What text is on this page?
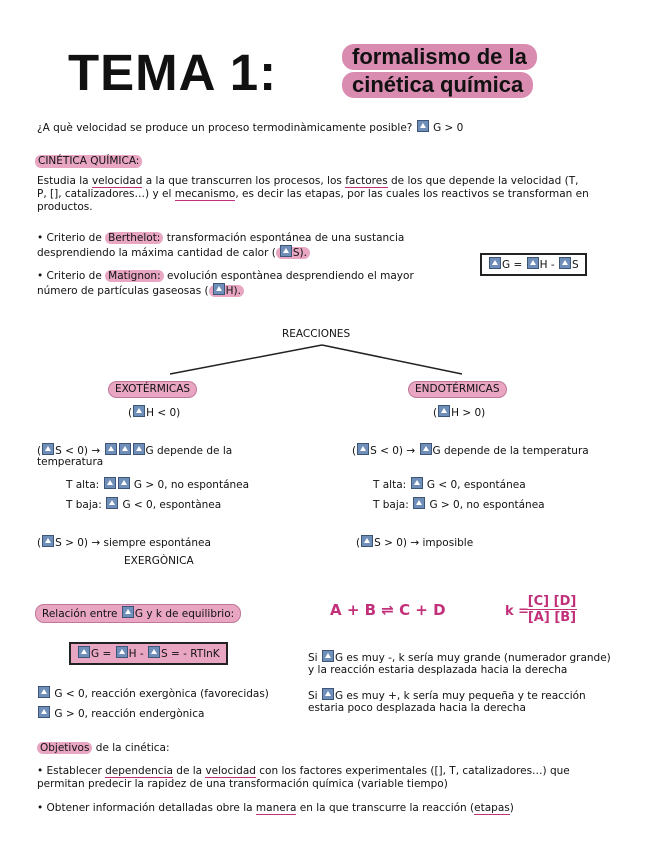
TEMA 1:	formalismo de la
cinética química
¿A què velocidad se produce un proceso termodinàmicamente posible? G > 0
CINÉTICA QUÍMICA:
Estudia la velocidad a la que transcurren los procesos, los factores de los que depende la velocidad (T,
P, [], catalizadores…) y el mecanismo, es decir las etapas, por las cuales los reactivos se transforman en
productos.
• Criterio de Berthelot: transformación espontánea de una sustancia
desprendiendo la máxima cantidad de calor ( S).
• Criterio de Matignon: evolución espontànea desprendiendo el mayor
número de partículas gaseosas ( H).
G = H - S
REACCIONES
EXOTÉRMICAS
( H < 0)
( S < 0) →	G depende de la
temperatura
T alta:	G > 0, no espontánea
T baja: G < 0, espontànea
( S > 0) → siempre espontánea
EXERGÒNICA
ENDOTÉRMICAS
( H > 0)
( S < 0) → G depende de la temperatura
T alta: G < 0, espontánea
T baja: G > 0, no espontánea
( S > 0) → imposible
Relación entre G y k de equilibrio:
G = H - S = - RTlnK
G < 0, reacción exergònica (favorecidas)
G > 0, reacción endergònica
A + B ⇌ C + D	k =
$\frac{[C] [D]}{[A] [B]}$
Si G es muy -, k sería muy grande (numerador grande)
y la reacción estaria desplazada hacia la derecha
Si G es muy +, k sería muy pequeña y te reacción
estaria poco desplazada hacia la derecha
Objetivos de la cinética:
• Establecer dependencia de la velocidad con los factores experimentales ([], T, catalizadores…) que
permitan predecir la rapidez de una transformación química (variable tiempo)
• Obtener información detalladas obre la manera en la que transcurre la reacción (etapas)
